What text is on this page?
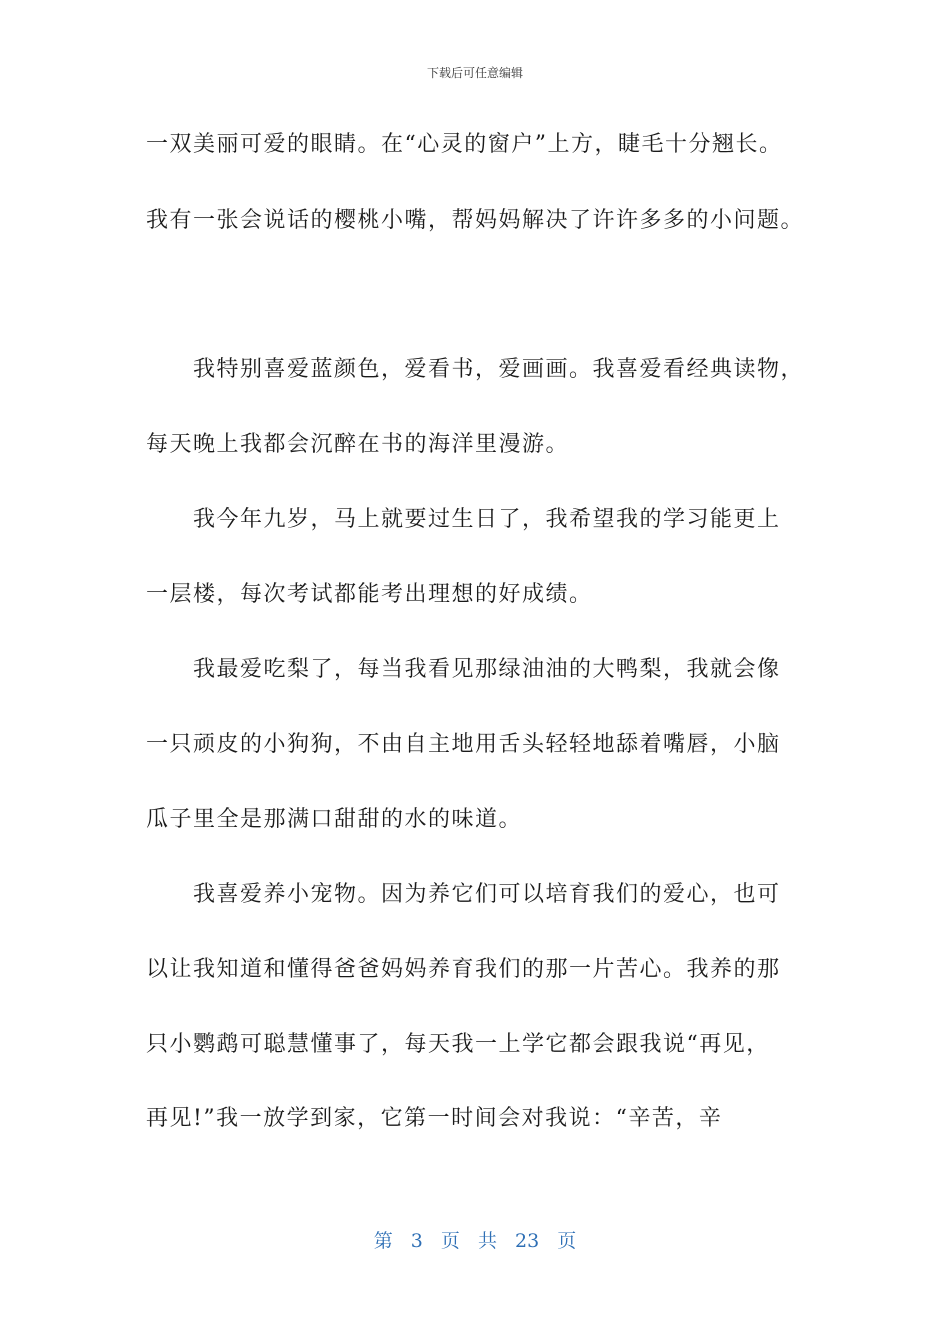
下载后可任意编辑
一双美丽可爱的眼睛。在“心灵的窗户”上方，睫毛十分翘长。
我有一张会说话的樱桃小嘴，帮妈妈解决了许许多多的小问题。
我特别喜爱蓝颜色，爱看书，爱画画。我喜爱看经典读物，
每天晚上我都会沉醉在书的海洋里漫游。
我今年九岁，马上就要过生日了，我希望我的学习能更上
一层楼，每次考试都能考出理想的好成绩。
我最爱吃梨了，每当我看见那绿油油的大鸭梨，我就会像
一只顽皮的小狗狗，不由自主地用舌头轻轻地舔着嘴唇，小脑
瓜子里全是那满口甜甜的水的味道。
我喜爱养小宠物。因为养它们可以培育我们的爱心，也可
以让我知道和懂得爸爸妈妈养育我们的那一片苦心。我养的那
只小鹦鹉可聪慧懂事了，每天我一上学它都会跟我说“再见，
再见!”我一放学到家，它第一时间会对我说：“辛苦，辛
第 3 页 共 23 页
